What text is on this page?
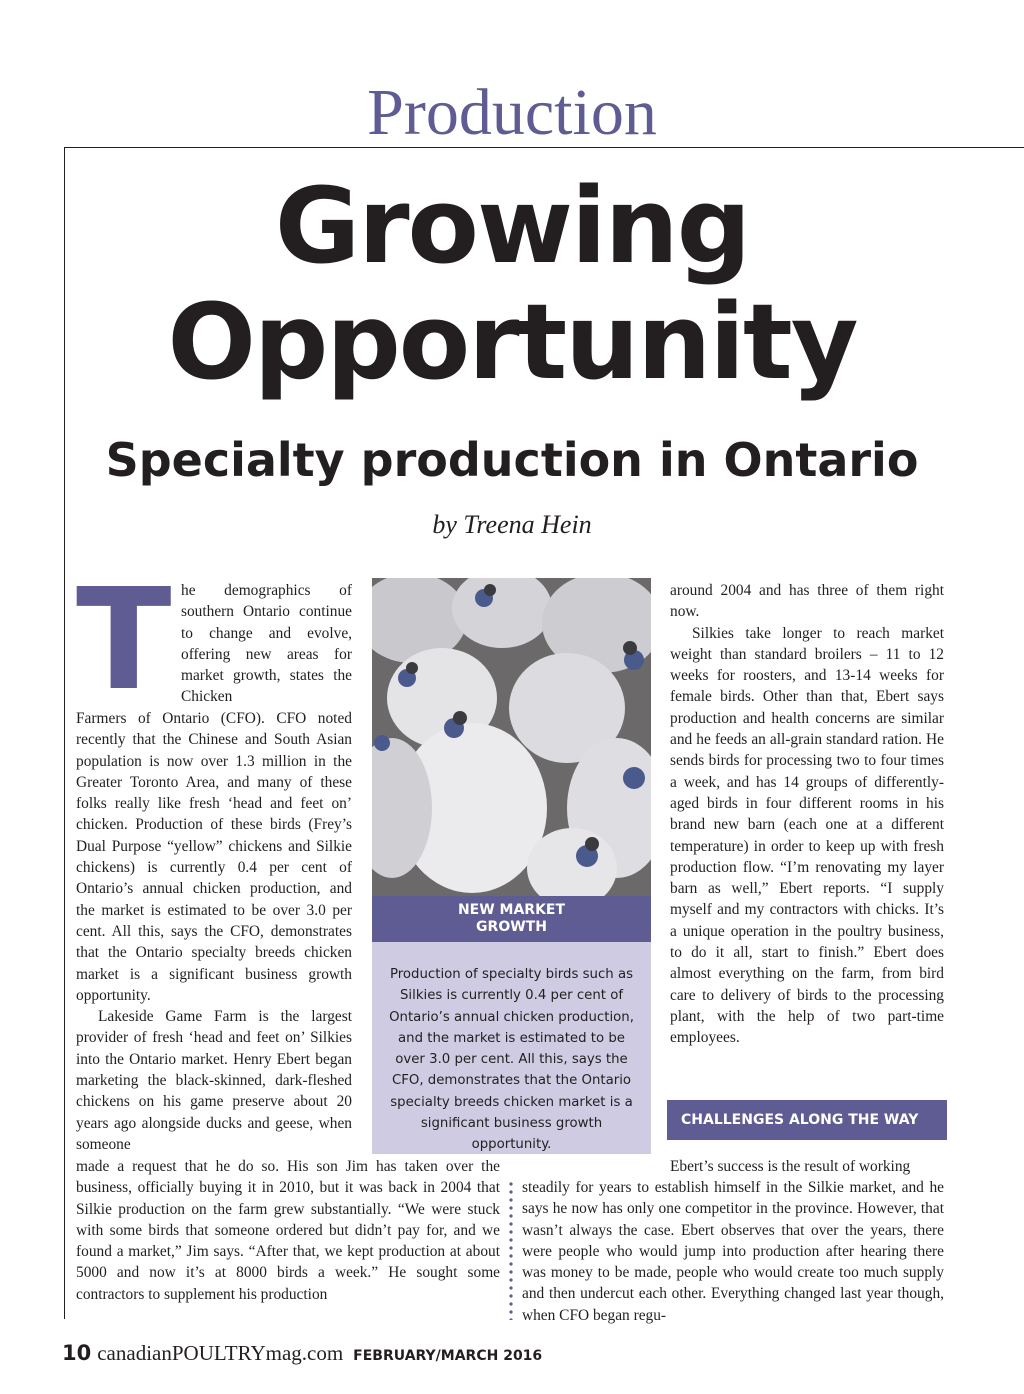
Production
Growing
Opportunity
Specialty production in Ontario
by Treena Hein
T he demographics of southern Ontario continue to change and evolve, offering new areas for market growth, states the Chicken

Farmers of Ontario (CFO). CFO noted recently that the Chinese and South Asian population is now over 1.3 million in the Greater Toronto Area, and many of these folks really like fresh ‘head and feet on’ chicken. Production of these birds (Frey’s Dual Purpose “yellow” chickens and Silkie chickens) is currently 0.4 per cent of Ontario’s annual chicken production, and the market is estimated to be over 3.0 per cent. All this, says the CFO, demonstrates that the Ontario specialty breeds chicken market is a significant business growth opportunity.

Lakeside Game Farm is the largest provider of fresh ‘head and feet on’ Silkies into the Ontario market. Henry Ebert began marketing the black-skinned, dark-fleshed chickens on his game preserve about 20 years ago alongside ducks and geese, when someone

made a request that he do so. His son Jim has taken over the business, officially buying it in 2010, but it was back in 2004 that Silkie production on the farm grew substantially. “We were stuck with some birds that someone ordered but didn’t pay for, and we found a market,” Jim says. “After that, we kept production at about 5000 and now it’s at 8000 birds a week.” He sought some contractors to supplement his production

NEW MARKET
GROWTH
Production of specialty birds such as Silkies is currently 0.4 per cent of Ontario’s annual chicken production, and the market is estimated to be over 3.0 per cent. All this, says the CFO, demonstrates that the Ontario specialty breeds chicken market is a significant business growth opportunity.

around 2004 and has three of them right now.

Silkies take longer to reach market weight than standard broilers – 11 to 12 weeks for roosters, and 13-14 weeks for female birds. Other than that, Ebert says production and health concerns are similar and he feeds an all-grain standard ration. He sends birds for processing two to four times a week, and has 14 groups of differently-aged birds in four different rooms in his brand new barn (each one at a different temperature) in order to keep up with fresh production flow. “I’m renovating my layer barn as well,” Ebert reports. “I supply myself and my contractors with chicks. It’s a unique operation in the poultry business, to do it all, start to finish.” Ebert does almost everything on the farm, from bird care to delivery of birds to the processing plant, with the help of two part-time employees.

CHALLENGES ALONG THE WAY

Ebert’s success is the result of working

steadily for years to establish himself in the Silkie market, and he says he now has only one competitor in the province. However, that wasn’t always the case. Ebert observes that over the years, there were people who would jump into production after hearing there was money to be made, people who would create too much supply and then undercut each other. Everything changed last year though, when CFO began regu-

10 canadianPOULTRYmag.com FEBRUARY/MARCH 2016
